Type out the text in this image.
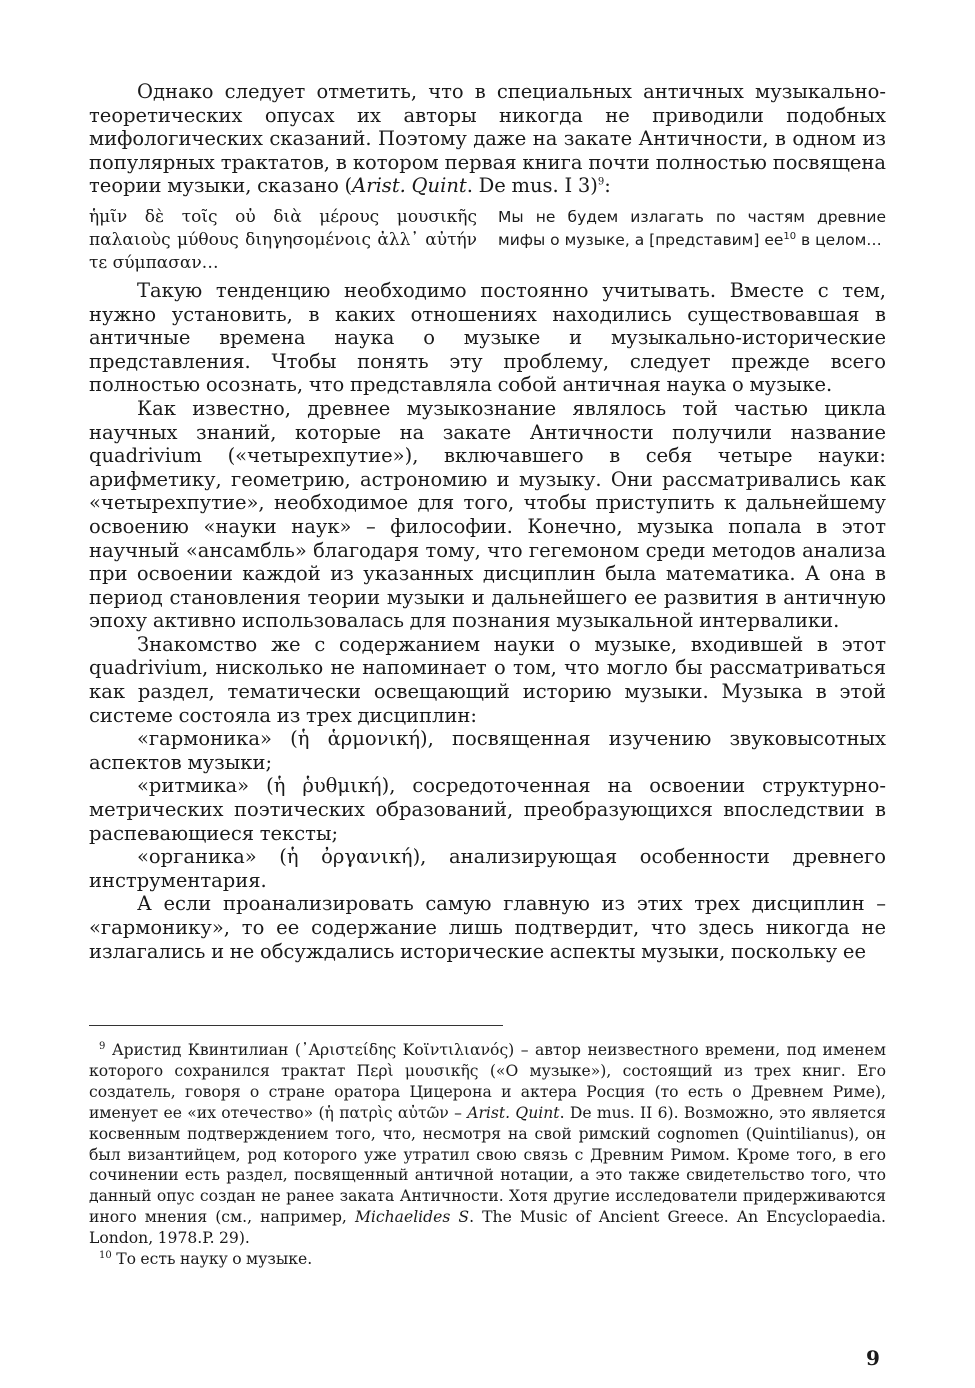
Однако следует отметить, что в специальных античных музыкально-теоретических опусах их авторы никогда не приводили подобных мифологических сказаний. Поэтому даже на закате Античности, в одном из популярных трактатов, в котором первая книга почти полностью посвящена теории музыки, сказано (Arist. Quint. De mus. I 3)$^9$:

ἡμῖν δὲ τοῖς οὐ διὰ μέρους μουσικῆς παλαιοὺς μύθους διηγησομένοις ἀλλ᾽ αὐτήν τε σύμπασαν…
Мы не будем излагать по частям древние мифы о музыке, а [представим] $ее^{10}$ в целом…

Такую тенденцию необходимо постоянно учитывать. Вместе с тем, нужно установить, в каких отношениях находились существовавшая в античные времена наука о музыке и музыкально-исторические представления. Чтобы понять эту проблему, следует прежде всего полностью осознать, что представляла собой античная наука о музыке.

Как известно, древнее музыкознание являлось той частью цикла научных знаний, которые на закате Античности получили название quadrivium («четырехпутие»), включавшего в себя четыре науки: арифметику, геометрию, астрономию и музыку. Они рассматривались как «четырехпутие», необходимое для того, чтобы приступить к дальнейшему освоению «науки наук» – философии. Конечно, музыка попала в этот научный «ансамбль» благодаря тому, что гегемоном среди методов анализа при освоении каждой из указанных дисциплин была математика. А она в период становления теории музыки и дальнейшего ее развития в античную эпоху активно использовалась для познания музыкальной интервалики.

Знакомство же с содержанием науки о музыке, входившей в этот quadrivium, нисколько не напоминает о том, что могло бы рассматриваться как раздел, тематически освещающий историю музыки. Музыка в этой системе состояла из трех дисциплин:

«гармоника» (ἡ ἁρμονική), посвященная изучению звуковысотных аспектов музыки;

«ритмика» (ἡ ῥυθμική), сосредоточенная на освоении структурно-метрических поэтических образований, преобразующихся впоследствии в распевающиеся тексты;

«органика» (ἡ ὀργανική), анализирующая особенности древнего инструментария.

А если проанализировать самую главную из этих трех дисциплин – «гармонику», то ее содержание лишь подтвердит, что здесь никогда не излагались и не обсуждались исторические аспекты музыки, поскольку ее

$^9$ Аристид Квинтилиан (᾽Αριστείδης Κοϊντιλιανός) – автор неизвестного времени, под именем которого сохранился трактат Περὶ μουσικῆς («О музыке»), состоящий из трех книг. Его создатель, говоря о стране оратора Цицерона и актера Росция (то есть о Древнем Риме), именует ее «их отечество» (ἡ πατρὶς αὐτῶν – Arist. Quint. De mus. II 6). Возможно, это является косвенным подтверждением того, что, несмотря на свой римский cognomen (Quintilianus), он был византийцем, род которого уже утратил свою связь с Древним Римом. Кроме того, в его сочинении есть раздел, посвященный античной нотации, а это также свидетельство того, что данный опус создан не ранее заката Античности. Хотя другие исследователи придерживаются иного мнения (см., например, Michaelides S. The Music of Ancient Greece. An Encyclopaedia. London, 1978.P. 29).

$^{10}$ То есть науку о музыке.

9
